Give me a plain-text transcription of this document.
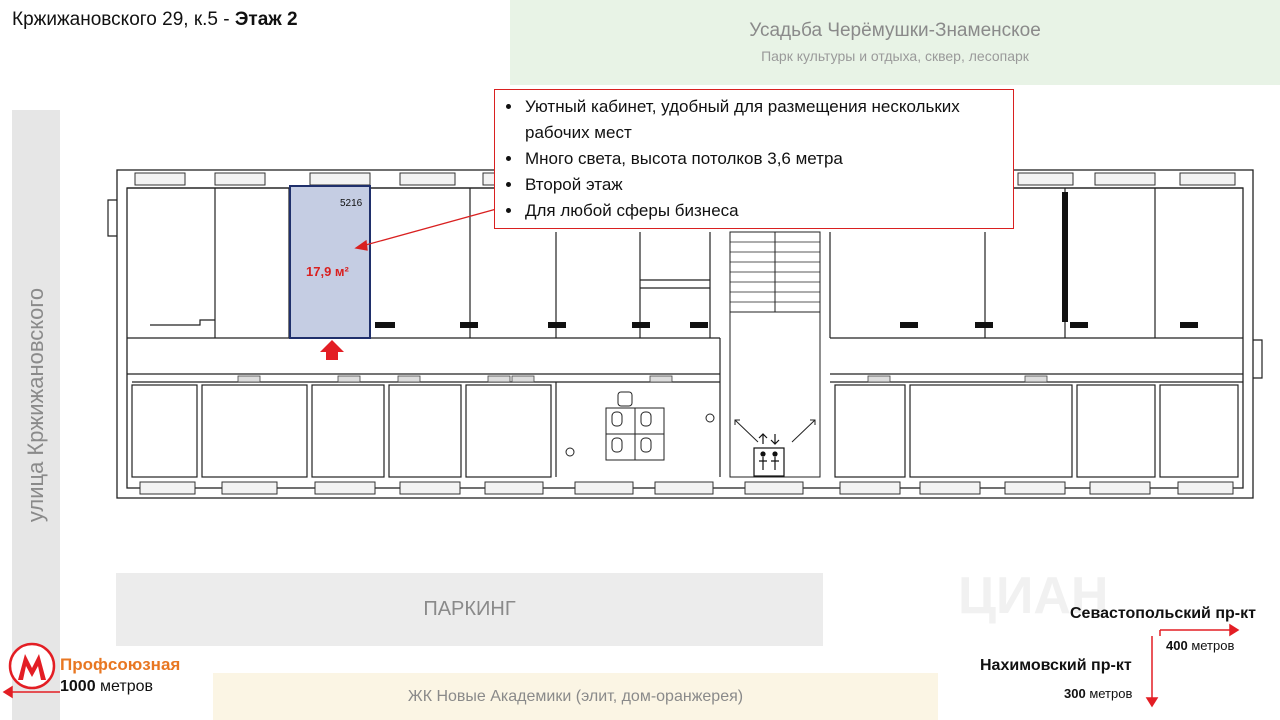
Кржижановского 29, к.5 - Этаж 2
Усадьба Черёмушки-Знаменское
Парк культуры и отдыха, сквер, лесопарк
улица Кржижановского
ЦИАН
5216
17,9 м²
• Уютный кабинет, удобный для размещения нескольких рабочих мест
• Много света, высота потолков 3,6 метра
• Второй этаж
• Для любой сферы бизнеса
ПАРКИНГ
ЖК Новые Академики (элит, дом-оранжерея)
Профсоюзная
1000 метров
Севастопольский пр-кт
400 метров
Нахимовский пр-кт
300 метров
